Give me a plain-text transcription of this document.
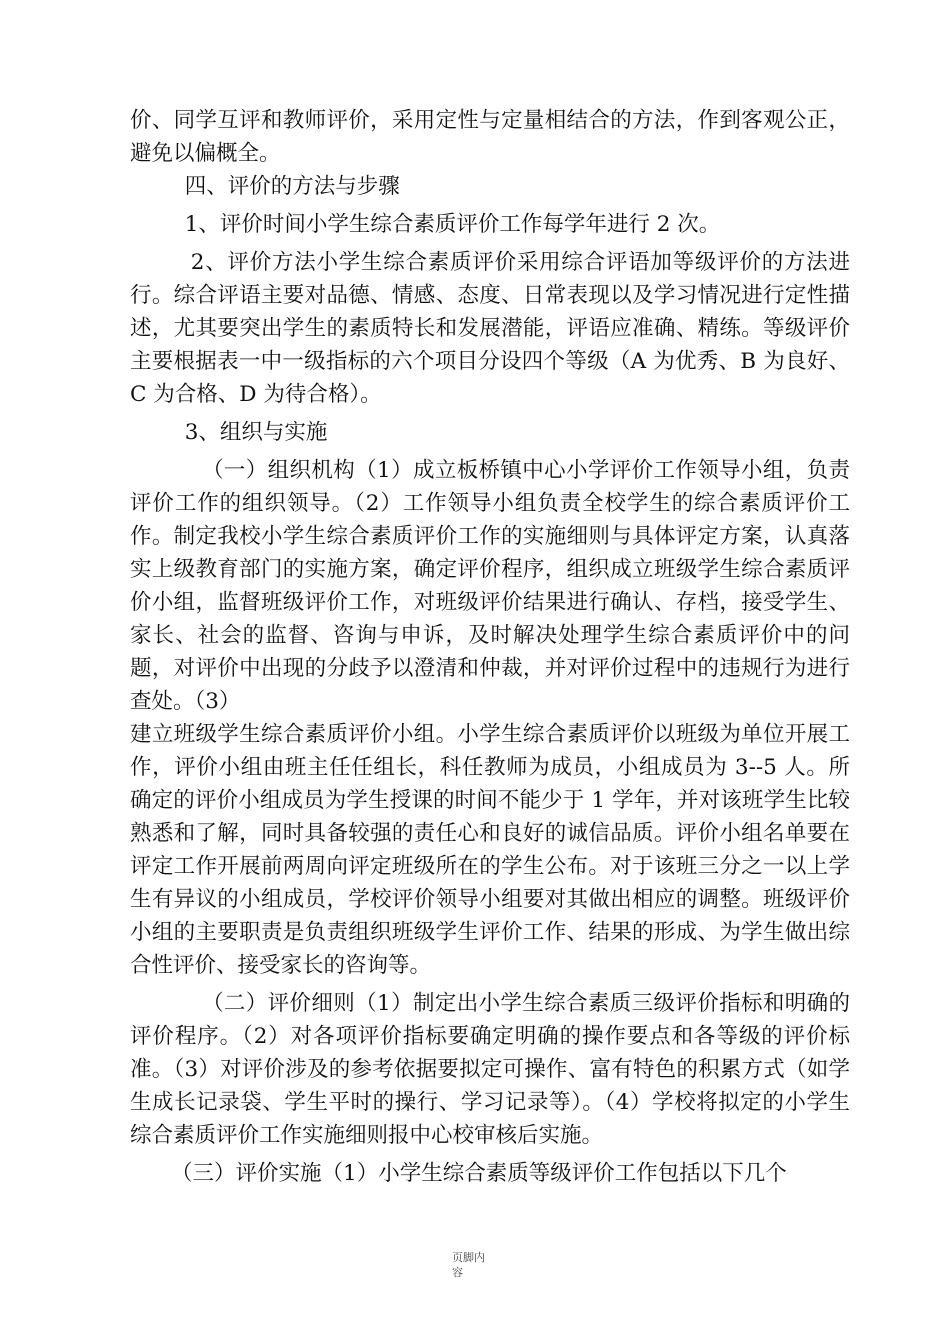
价、同学互评和教师评价，采用定性与定量相结合的方法，作到客观公正，避免以偏概全。

四、评价的方法与步骤

1、评价时间小学生综合素质评价工作每学年进行 2 次。

2、评价方法小学生综合素质评价采用综合评语加等级评价的方法进行。综合评语主要对品德、情感、态度、日常表现以及学习情况进行定性描述，尤其要突出学生的素质特长和发展潜能，评语应准确、精练。等级评价主要根据表一中一级指标的六个项目分设四个等级（A 为优秀、B 为良好、C 为合格、D 为待合格）。

3、组织与实施

（一）组织机构（1）成立板桥镇中心小学评价工作领导小组，负责评价工作的组织领导。（2）工作领导小组负责全校学生的综合素质评价工作。制定我校小学生综合素质评价工作的实施细则与具体评定方案，认真落实上级教育部门的实施方案，确定评价程序，组织成立班级学生综合素质评价小组，监督班级评价工作，对班级评价结果进行确认、存档，接受学生、家长、社会的监督、咨询与申诉，及时解决处理学生综合素质评价中的问题，对评价中出现的分歧予以澄清和仲裁，并对评价过程中的违规行为进行查处。（3）

建立班级学生综合素质评价小组。小学生综合素质评价以班级为单位开展工作，评价小组由班主任任组长，科任教师为成员，小组成员为 3--5 人。所确定的评价小组成员为学生授课的时间不能少于 1 学年，并对该班学生比较熟悉和了解，同时具备较强的责任心和良好的诚信品质。评价小组名单要在评定工作开展前两周向评定班级所在的学生公布。对于该班三分之一以上学生有异议的小组成员，学校评价领导小组要对其做出相应的调整。班级评价小组的主要职责是负责组织班级学生评价工作、结果的形成、为学生做出综合性评价、接受家长的咨询等。

（二）评价细则（1）制定出小学生综合素质三级评价指标和明确的评价程序。（2）对各项评价指标要确定明确的操作要点和各等级的评价标准。（3）对评价涉及的参考依据要拟定可操作、富有特色的积累方式（如学生成长记录袋、学生平时的操行、学习记录等）。（4）学校将拟定的小学生综合素质评价工作实施细则报中心校审核后实施。

（三）评价实施（1）小学生综合素质等级评价工作包括以下几个

页脚内
容
